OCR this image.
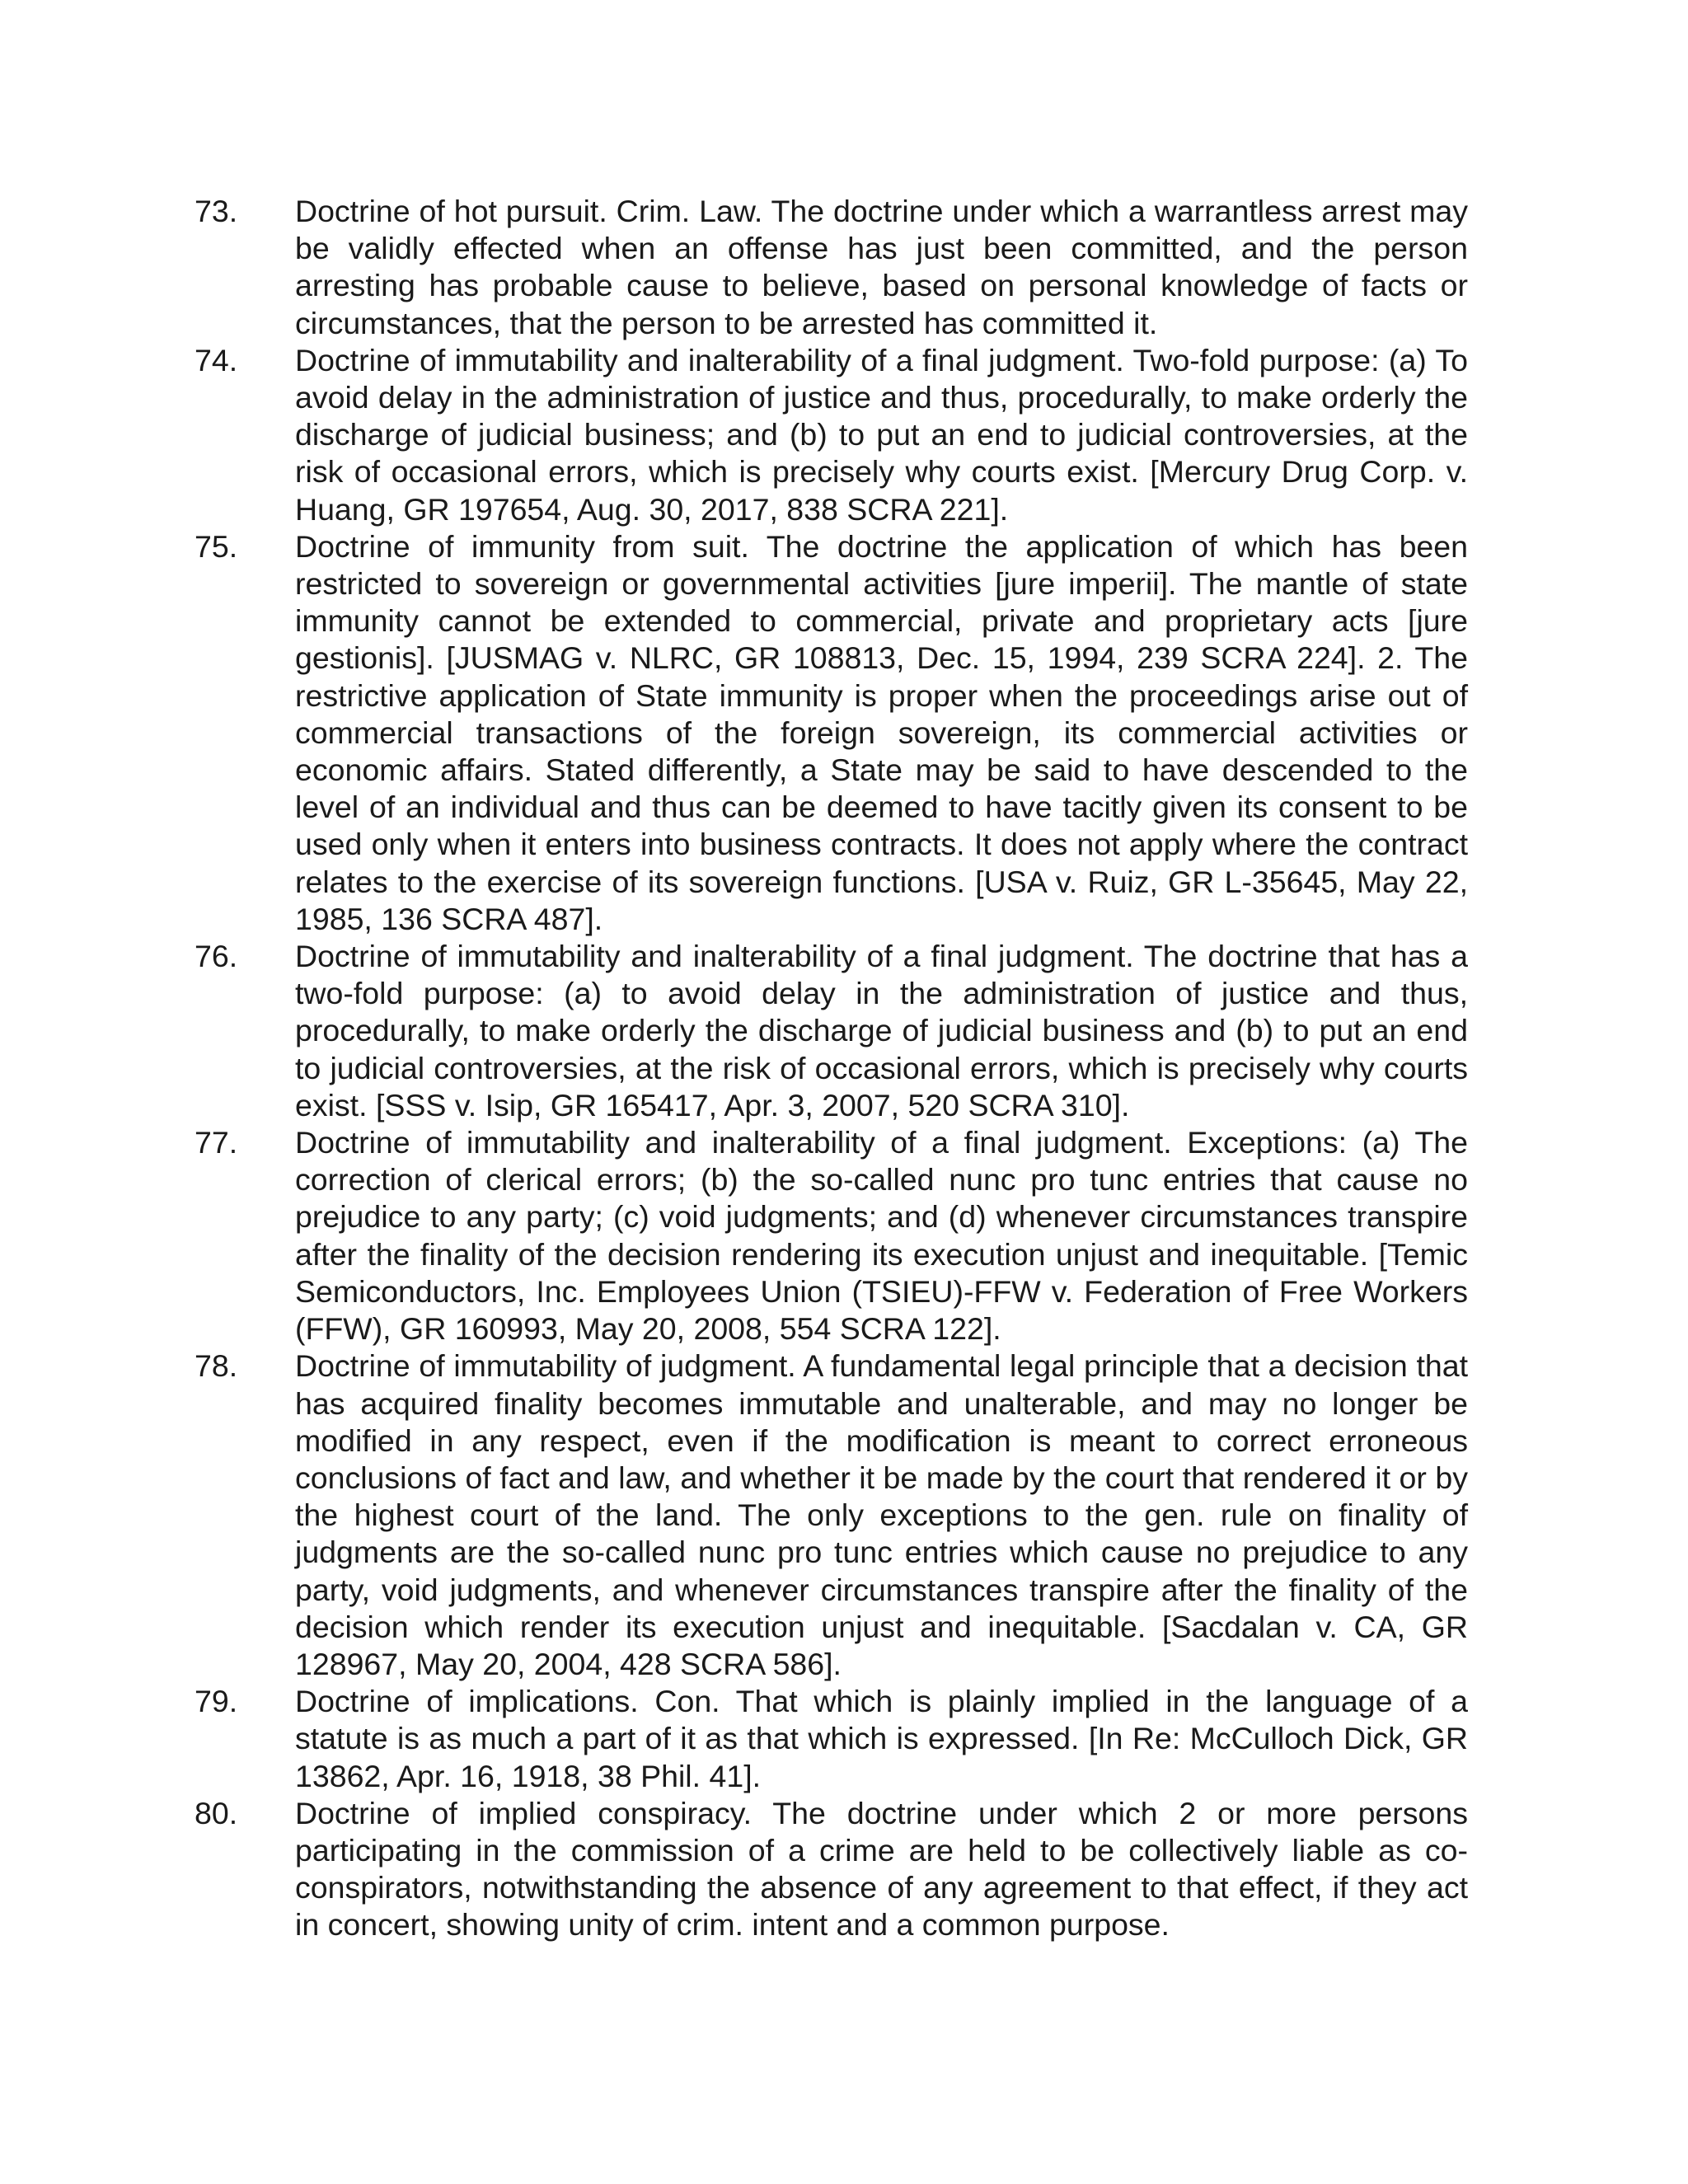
73.	Doctrine of hot pursuit. Crim. Law. The doctrine under which a warrantless arrest may be validly effected when an offense has just been committed, and the person arresting has probable cause to believe, based on personal knowledge of facts or circumstances, that the person to be arrested has committed it.
74.	Doctrine of immutability and inalterability of a final judgment. Two-fold purpose: (a) To avoid delay in the administration of justice and thus, procedurally, to make orderly the discharge of judicial business; and (b) to put an end to judicial controversies, at the risk of occasional errors, which is precisely why courts exist. [Mercury Drug Corp. v. Huang, GR 197654, Aug. 30, 2017, 838 SCRA 221].
75.	Doctrine of immunity from suit. The doctrine the application of which has been restricted to sovereign or governmental activities [jure imperii]. The mantle of state immunity cannot be extended to commercial, private and proprietary acts [jure gestionis]. [JUSMAG v. NLRC, GR 108813, Dec. 15, 1994, 239 SCRA 224]. 2. The restrictive application of State immunity is proper when the proceedings arise out of commercial transactions of the foreign sovereign, its commercial activities or economic affairs. Stated differently, a State may be said to have descended to the level of an individual and thus can be deemed to have tacitly given its consent to be used only when it enters into business contracts. It does not apply where the contract relates to the exercise of its sovereign functions. [USA v. Ruiz, GR L-35645, May 22, 1985, 136 SCRA 487].
76.	Doctrine of immutability and inalterability of a final judgment. The doctrine that has a two-fold purpose: (a) to avoid delay in the administration of justice and thus, procedurally, to make orderly the discharge of judicial business and (b) to put an end to judicial controversies, at the risk of occasional errors, which is precisely why courts exist. [SSS v. Isip, GR 165417, Apr. 3, 2007, 520 SCRA 310].
77.	Doctrine of immutability and inalterability of a final judgment. Exceptions: (a) The correction of clerical errors; (b) the so-called nunc pro tunc entries that cause no prejudice to any party; (c) void judgments; and (d) whenever circumstances transpire after the finality of the decision rendering its execution unjust and inequitable. [Temic Semiconductors, Inc. Employees Union (TSIEU)-FFW v. Federation of Free Workers (FFW), GR 160993, May 20, 2008, 554 SCRA 122].
78.	Doctrine of immutability of judgment. A fundamental legal principle that a decision that has acquired finality becomes immutable and unalterable, and may no longer be modified in any respect, even if the modification is meant to correct erroneous conclusions of fact and law, and whether it be made by the court that rendered it or by the highest court of the land. The only exceptions to the gen. rule on finality of judgments are the so-called nunc pro tunc entries which cause no prejudice to any party, void judgments, and whenever circumstances transpire after the finality of the decision which render its execution unjust and inequitable. [Sacdalan v. CA, GR 128967, May 20, 2004, 428 SCRA 586].
79.	Doctrine of implications. Con. That which is plainly implied in the language of a statute is as much a part of it as that which is expressed. [In Re: McCulloch Dick, GR 13862, Apr. 16, 1918, 38 Phil. 41].
80.	Doctrine of implied conspiracy. The doctrine under which 2 or more persons participating in the commission of a crime are held to be collectively liable as co-conspirators, notwithstanding the absence of any agreement to that effect, if they act in concert, showing unity of crim. intent and a common purpose.
